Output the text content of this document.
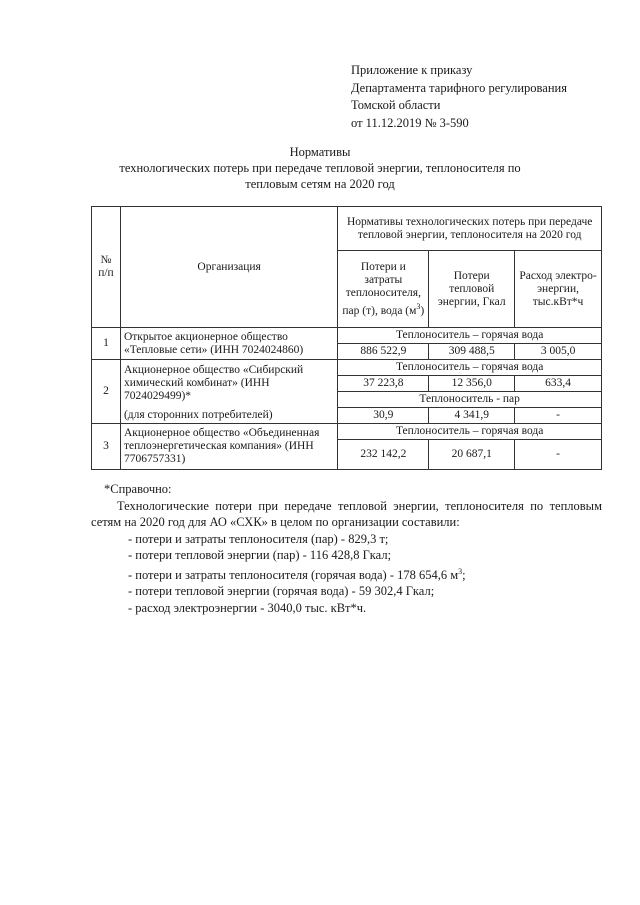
Приложение к приказу
Департамента тарифного регулирования
Томской области
от 11.12.2019 № 3-590
Нормативы
технологических потерь при передаче тепловой энергии, теплоносителя по
тепловым сетям на 2020 год
№ п/п	Организация	Нормативы технологических потерь при передаче тепловой энергии, теплоносителя на 2020 год		
		Потери и затраты теплоносителя, пар (т), вода $(м^3)$	Потери тепловой энергии, Гкал	Расход электро-энергии, тыс.кВт*ч
1	Открытое акционерное общество «Тепловые сети» (ИНН 7024024860)	Теплоноситель – горячая вода		
		886 522,9	309 488,5	3 005,0
2	Акционерное общество «Сибирский химический комбинат» (ИНН 7024029499)*	Теплоноситель – горячая вода		
		37 223,8	12 356,0	633,4
		Теплоноситель - пар		
	(для сторонних потребителей)	30,9	4 341,9	-
3	Акционерное общество «Объединенная теплоэнергетическая компания» (ИНН 7706757331)	Теплоноситель – горячая вода		
		232 142,2	20 687,1	-

*Справочно:

Технологические потери при передаче тепловой энергии, теплоносителя по тепловым сетям на 2020 год для АО «СХК» в целом по организации составили:

- потери и затраты теплоносителя (пар) - 829,3 т;

- потери тепловой энергии (пар) - 116 428,8 Гкал;

- потери и затраты теплоносителя (горячая вода) - 178 654,6 $м^3$;

- потери тепловой энергии (горячая вода) - 59 302,4 Гкал;

- расход электроэнергии - 3040,0 тыс. кВт*ч.
